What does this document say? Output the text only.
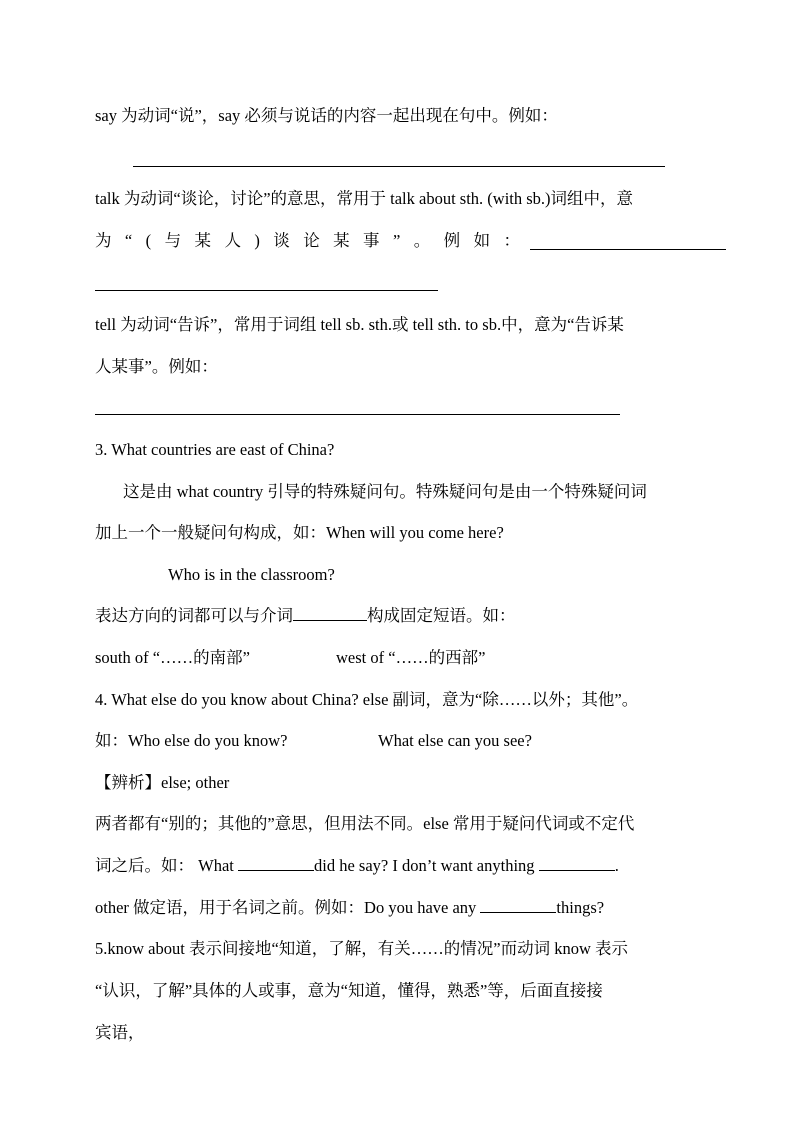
say 为动词“说”，say 必须与说话的内容一起出现在句中。例如：
talk 为动词“谈论，讨论”的意思，常用于 talk about sth. (with sb.)词组中，意
为 “ ( 与 某 人 ) 谈 论 某 事 ” 。 例 如 ：
tell 为动词“告诉”，常用于词组 tell sb. sth.或 tell sth. to sb.中，意为“告诉某
人某事”。例如：
3. What countries are east of China?
这是由 what country 引导的特殊疑问句。特殊疑问句是由一个特殊疑问词
加上一个一般疑问句构成，如：When will you come here?
Who is in the classroom?
表达方向的词都可以与介词	构成固定短语。如：
south of “……的南部”	west of “……的西部”
4. What else do you know about China? else 副词，意为“除……以外；其他”。
如：Who else do you know?	What else can you see?
【辨析】else; other
两者都有“别的；其他的”意思，但用法不同。else 常用于疑问代词或不定代
词之后。如： What	did he say? I don’t want anything	.
other 做定语，用于名词之前。例如：Do you have any	things?
5.know about 表示间接地“知道，了解，有关……的情况”而动词 know 表示
“认识，了解”具体的人或事，意为“知道，懂得，熟悉”等，后面直接接
宾语，
